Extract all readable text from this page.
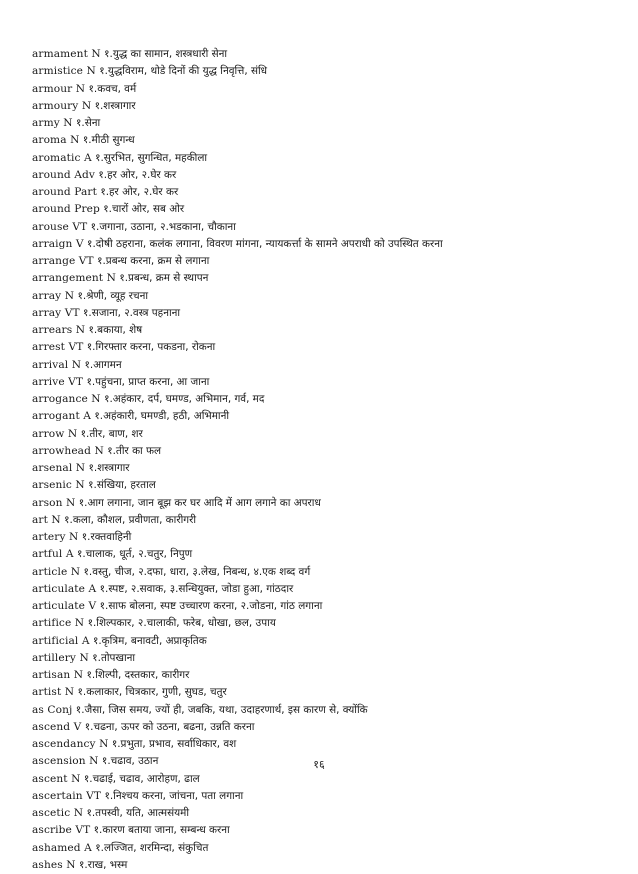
armament N १.युद्ध का सामान, शस्त्रधारी सेना
armistice N १.युद्धविराम, थोडे दिनों की युद्ध निवृत्ति, संधि
armour N १.कवच, वर्म
armoury N १.शस्त्रागार
army N १.सेना
aroma N १.मीठी सुगन्ध
aromatic A १.सुरभित, सुगन्धित, महकीला
around Adv १.हर ओर, २.घेर कर
around Part १.हर ओर, २.घेर कर
around Prep १.चारों ओर, सब ओर
arouse VT १.जगाना, उठाना, २.भडकाना, चौकाना
arraign V १.दोषी ठहराना, कलंक लगाना, विवरण मांगना, न्यायकर्त्ता के सामने अपराधी को उपस्थित करना
arrange VT १.प्रबन्ध करना, क्रम से लगाना
arrangement N १.प्रबन्ध, क्रम से स्थापन
array N १.श्रेणी, व्यूह रचना
array VT १.सजाना, २.वस्त्र पहनाना
arrears N १.बकाया, शेष
arrest VT १.गिरफ्तार करना, पकडना, रोकना
arrival N १.आगमन
arrive VT १.पहुंचना, प्राप्त करना, आ जाना
arrogance N १.अहंकार, दर्प, घमण्ड, अभिमान, गर्व, मद
arrogant A १.अहंकारी, घमण्डी, हठी, अभिमानी
arrow N १.तीर, बाण, शर
arrowhead N १.तीर का फल
arsenal N १.शस्त्रागार
arsenic N १.संखिया, हरताल
arson N १.आग लगाना, जान बूझ कर घर आदि में आग लगाने का अपराध
art N १.कला, कौशल, प्रवीणता, कारीगरी
artery N १.रक्तवाहिनी
artful A १.चालाक, धूर्त, २.चतुर, निपुण
article N १.वस्तु, चीज, २.दफा, धारा, ३.लेख, निबन्ध, ४.एक शब्द वर्ग
articulate A १.स्पष्ट, २.सवाक, ३.सन्धियुक्त, जोडा हुआ, गांठदार
articulate V १.साफ बोलना, स्पष्ट उच्चारण करना, २.जोडना, गांठ लगाना
artifice N १.शिल्पकार, २.चालाकी, फरेब, धोखा, छल, उपाय
artificial A १.कृत्रिम, बनावटी, अप्राकृतिक
artillery N १.तोपखाना
artisan N १.शिल्पी, दस्तकार, कारीगर
artist N १.कलाकार, चित्रकार, गुणी, सुघड, चतुर
as Conj १.जैसा, जिस समय, ज्यों ही, जबकि, यथा, उदाहरणार्थ, इस कारण से, क्योंकि
ascend V १.चढना, ऊपर को उठना, बढना, उन्नति करना
ascendancy N १.प्रभुता, प्रभाव, सर्वाधिकार, वश
ascension N १.चढाव, उठान
ascent N १.चढाई, चढाव, आरोहण, ढाल
ascertain VT १.निश्चय करना, जांचना, पता लगाना
ascetic N १.तपस्वी, यति, आत्मसंयमी
ascribe VT १.कारण बताया जाना, सम्बन्ध करना
ashamed A १.लज्जित, शरमिन्दा, संकुचित
ashes N १.राख, भस्म
१६
